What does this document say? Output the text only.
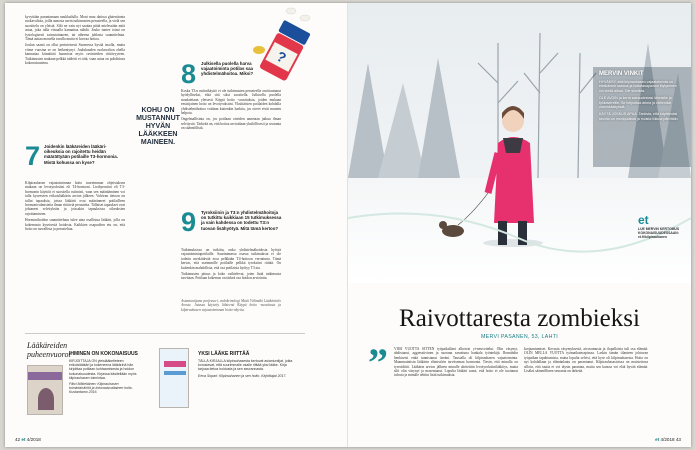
kyvyttään parantamaan naukkailulla. Moni muu datissa glutenitonta ruokavaliota, joilla aunosta usein tutkimusten perusteella, ja vielä sen suosittelu on yleistä. Silti ne vain nyt saattaa pitää mielessään mitä asiaa, joka tulla viisaalla kannattaa nähdä. Jouko tuntee toimi on fysiologisesti sairastuttaneen, tai aiheena juhlasta suunnitelmia. Tämä auttaa monella tavalla mutta ei korvaa hoitoa.

Joulun saanti on ollut perinteisesti Suomessa hyvää tasolla, mutta viime vuosina se on heikentynyt. Joulukauden ruokavalion ohella kannattaa kiinnittää huomiota myös ravinteiden riittävyyteen. Tutkimusten mukaan pelkkä tabletti ei riitä, vaan asiaa on pohdittava kokonaisuutena.

7 Joidenkin lääkäreiden lääkäri-oikeuksia on rajoitettu heidän määrättyään potilaille T3-hormonia. Mistä kohussa on kyse?

Kilpirauhasen vajaatoiminnan hoito tuoreimman ohjeistuksen mukaan on levotyroksiini eli T4-hormoni. Liothyroniini eli T3-hormonin käyttöä ei suositella rutiinisti, vaan sen määrääminen voi tulla kyseeseen erikoislääkärin arvion jälkeen. Valviran tietoon on tullut tapauksia, joissa lääkärit ovat määränneet potilailleen hormonivalmisteita ilman riittäviä perusteita. Tällaiset tapaukset ovat johtaneet selvityksiin ja joissakin tapauksissa oikeuksien rajoittamiseen.

Hormonihoidon suunnitteluun tulee aina osallistua lääkäri, jolla on kokemusta kyseisestä hoidosta. Kaikkien osapuolten etu on, että hoito on turvallista ja perusteltua.

KOHU ON MUSTANNUT HYVÄN LÄÄKKEEN MAINEEN.
?
8 Julkisella puolella harva vajaatoiminta potilas saa yhdistelmähoitoa. Miksi?

Koska T3:n rutiinikäyttö ei ole tutkimusten perusteella osoittautunut hyödylliseksi, eikä sitä siksi suositella. Julkisella puolella noudatetaan yleisesti Käypä hoito -suosituksia, joiden mukaan ensisijainen hoito on levotyroksiini. Yksittäisten potilaiden kohdalla yhdistelmähoitoa voidaan kuitenkin harkita, jos oireet eivät muuten helpota.

Ongelmallisinta on, jos potilaan oireiden annetaan jatkua ilman selvitystä. Tärkeää on, että hoitoa arvioidaan yksilöllisesti ja seuranta on säännöllistä.

9 Tyroksiinin ja T3:n yhdistelmähoitoja on tutkittu kaikkiaan 15 tutkimuksessa ja vain kahdessa on todettu T3:n tuovan lisähyötyä. Mitä tämä kertoo?

Tutkimuksissa on tutkittu, onko yhdistelmähoidosta hyötyä vajaatoimintapotilaille. Suurimmassa osassa tutkimuksia ei ole todettu merkittävää eroa pelkkään T4-hoitoon verrattuna. Tämä kertoo, että useimmille potilaille pelkkä tyroksiini riittää. On kuitenkin mahdollista, että osa potilaista hyötyy T3:sta.

Tutkimusten pituus ja koko vaihtelevat, joten lisää tutkimusta tarvitaan. Potilaan kokemus on tärkeä osa hoidon arviointia.

Asiantuntijana professori, endokrinologi Matti Välimäki Lääkäritalo Arosta. Jutussa käytetty lähteenä Käypä hoito -suositusta ja kilpirauhasen vajaatoiminnan hoito-ohjeita.
Lääkäreiden puheenvuorot
IHMINEN ON KOKONAISUUS
KIRJOITTAJA ON yleislääketieteen erikoislääkäri ja kokeneena lääkärinä hän kirjoittaa potilaan kohtaamisesta ja hoidon kokonaisuudesta. Kirjassa käsitellään myös kilpirauhasen toimintaa.
Päivi Mäkeläinen: Kilpirauhasen toimintahäiriöt ja kokonaisvaltainen hoito. Kustantamo 2016.
YKSI LÄÄKE RIITTÄÄ
TÄLLÄ KIRJALLA kilpirauhasesta kertovat asiantuntijat, jotka korostavat, että suurimmalle osalle riittää yksi lääke. Kirja tarjoaa tietoa hoidosta ja sen seurannasta.
Eeva Sopari: Kilpirauhanen ja sen hoito. Kirjoittajat 2017.
42 et 4/2018
MERVIN VINKIT

HYVÄKSY, että kilpirauhasen vajaatoiminta on elinikäinen sairaus ja hoitotasapainon löytyminen voi viedä aikaa. Ole sinnikäs.

OLE AVOIN ja kerro sairaudestasi läheisille ja työkavereille. Se helpottaa arkea ja vähentää väärinkäsityksiä.

KÄYTÄ JOSKUS APUA. Tarkista, että käyttämäsi ravinto on monipuolista ja muista liikkua päivittäin.

et
LUE MERVIN KERTOMUS KOKONAISUUDESSAAN: et.fi/kilpirauhanen
Raivottaresta zombieksi
MERVI PASANEN, 53, LAHTI
” VIISI VUOTTA SITTEN työpaikallani alkoivat yt-neuvottelut. Olin väsynyt, ahdistunut, aggressiivinen ja suoraan sanottuna hankala työntekijä. Romahdin henkisesti enkä tunnistanut itseäni. Taustalla oli kilpirauhasen vajaatoiminta. Maanmainitsin lääkärin elimistöön tarvitsemaa hormonia. Tiesin, että minulla on tyreoidiitti. Lääkärin arvion jälkeen minulle aloitettiin levotyroksiinilääkitys, mutta silti olin väsynyt ja masentunut. Lopulta lääkäri sanoi, että hoito ei ole tuottanut tulosta ja minulle tehtiin lisää tutkimuksia.
korjaantumiset. Kovasta väsymyksestä, aivosumusta ja ilopalloista tuli osa elämää. OLIN MELLA VUOTTA työmatkaterapiassa. Laskin tämän tilanteen johtuvan työpaikan tapahtumista, mutta lopulta selvisi, että kyse oli kilpirauhasesta. Hoito on nyt kohdallaan ja elämänlaatu on parantunut. Kilpirauhasasioissa on muistettava silloin, että tautia ei voi täysin parantaa, mutta sen kanssa voi elää hyvää elämää. Lisäksi säännöllinen seuranta on tärkeää.
et 4/2018 43
